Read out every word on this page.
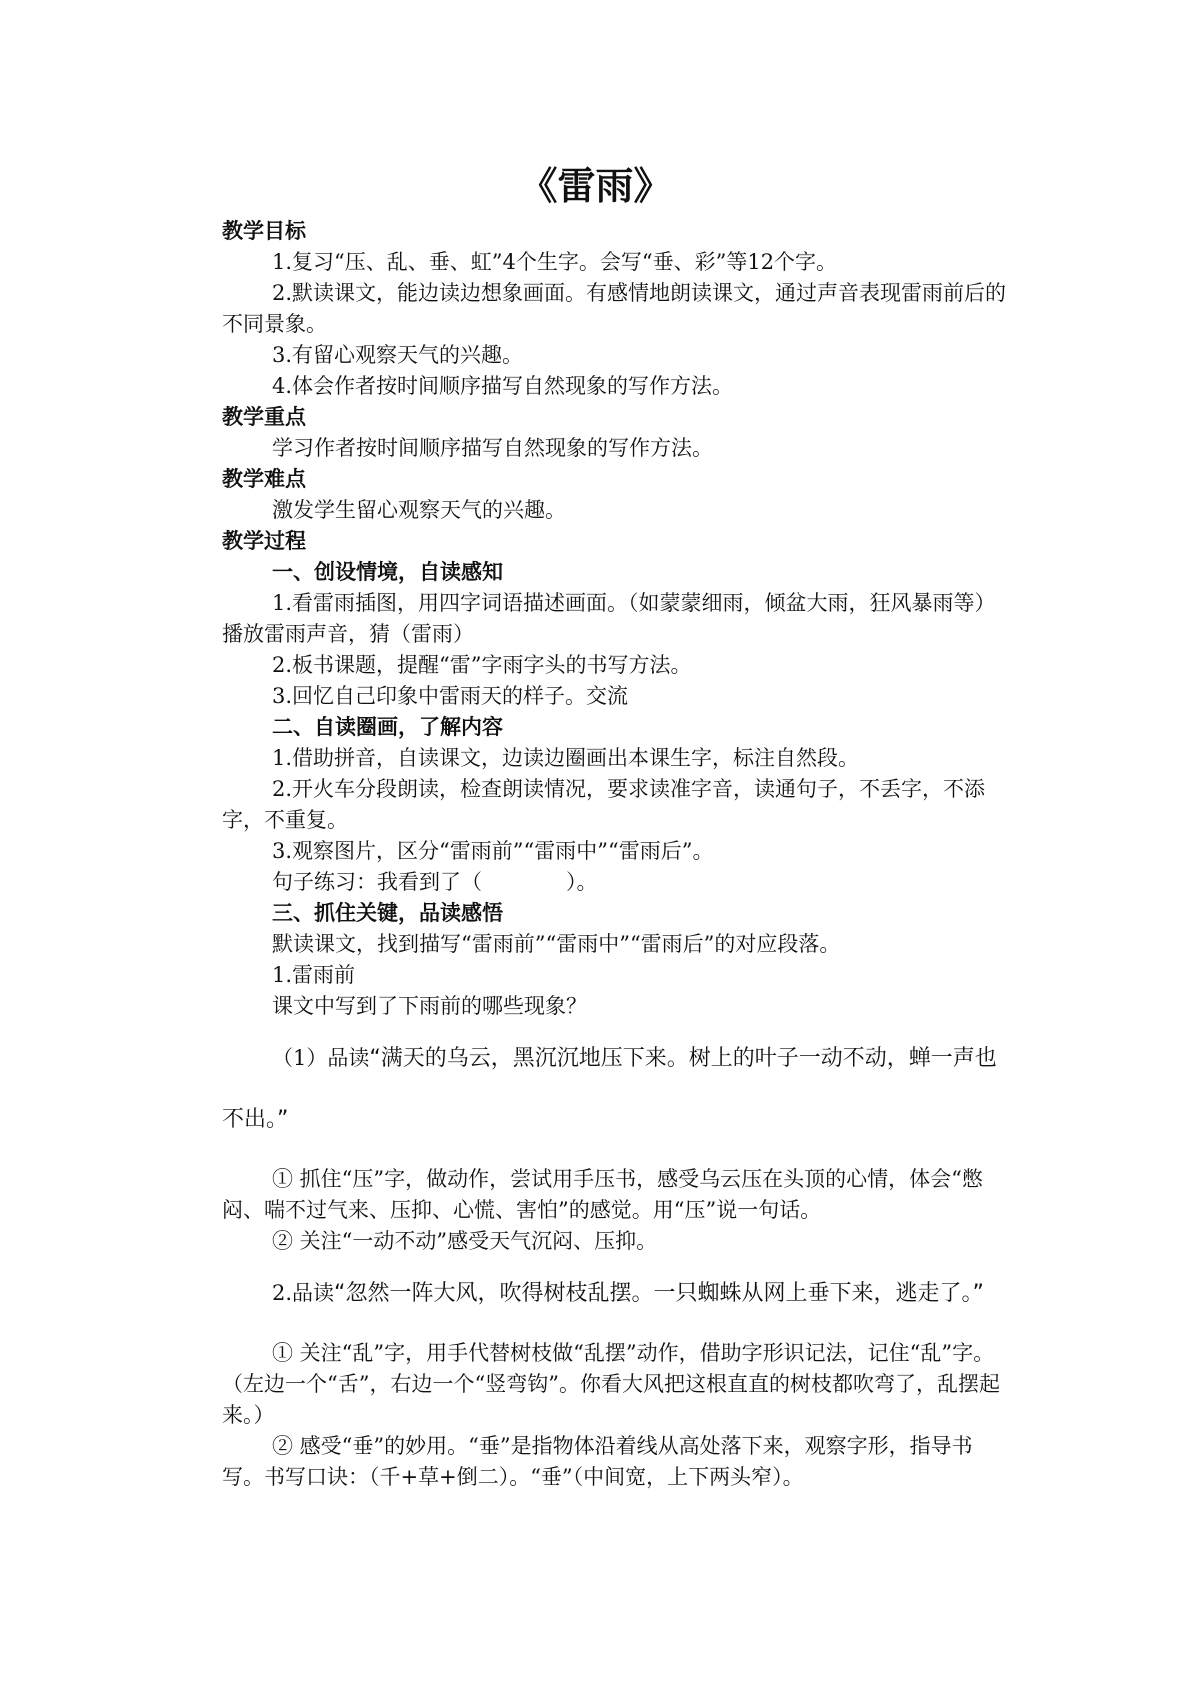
《雷雨》

教学目标

1.复习“压、乱、垂、虹”4个生字。会写“垂、彩”等12个字。

2.默读课文，能边读边想象画面。有感情地朗读课文，通过声音表现雷雨前后的不同景象。

3.有留心观察天气的兴趣。

4.体会作者按时间顺序描写自然现象的写作方法。

教学重点

学习作者按时间顺序描写自然现象的写作方法。

教学难点

激发学生留心观察天气的兴趣。

教学过程

一、创设情境，自读感知

1.看雷雨插图，用四字词语描述画面。（如蒙蒙细雨，倾盆大雨，狂风暴雨等）播放雷雨声音，猜（雷雨）

2.板书课题，提醒“雷”字雨字头的书写方法。

3.回忆自己印象中雷雨天的样子。交流

二、自读圈画，了解内容

1.借助拼音，自读课文，边读边圈画出本课生字，标注自然段。

2.开火车分段朗读，检查朗读情况，要求读准字音，读通句子，不丢字，不添字，不重复。

3.观察图片，区分“雷雨前”“雷雨中”“雷雨后”。

句子练习：我看到了（　　　　）。

三、抓住关键，品读感悟

默读课文，找到描写“雷雨前”“雷雨中”“雷雨后”的对应段落。

1.雷雨前

课文中写到了下雨前的哪些现象？

（1）品读“满天的乌云，黑沉沉地压下来。树上的叶子一动不动，蝉一声也不出。”

① 抓住“压”字，做动作，尝试用手压书，感受乌云压在头顶的心情，体会“憋闷、喘不过气来、压抑、心慌、害怕”的感觉。用“压”说一句话。

② 关注“一动不动”感受天气沉闷、压抑。

2.品读“忽然一阵大风，吹得树枝乱摆。一只蜘蛛从网上垂下来，逃走了。”

① 关注“乱”字，用手代替树枝做“乱摆”动作，借助字形识记法，记住“乱”字。（左边一个“舌”，右边一个“竖弯钩”。你看大风把这根直直的树枝都吹弯了，乱摆起来。）

② 感受“垂”的妙用。“垂”是指物体沿着线从高处落下来，观察字形，指导书写。书写口诀：（千+草+倒二）。“垂”（中间宽，上下两头窄）。
